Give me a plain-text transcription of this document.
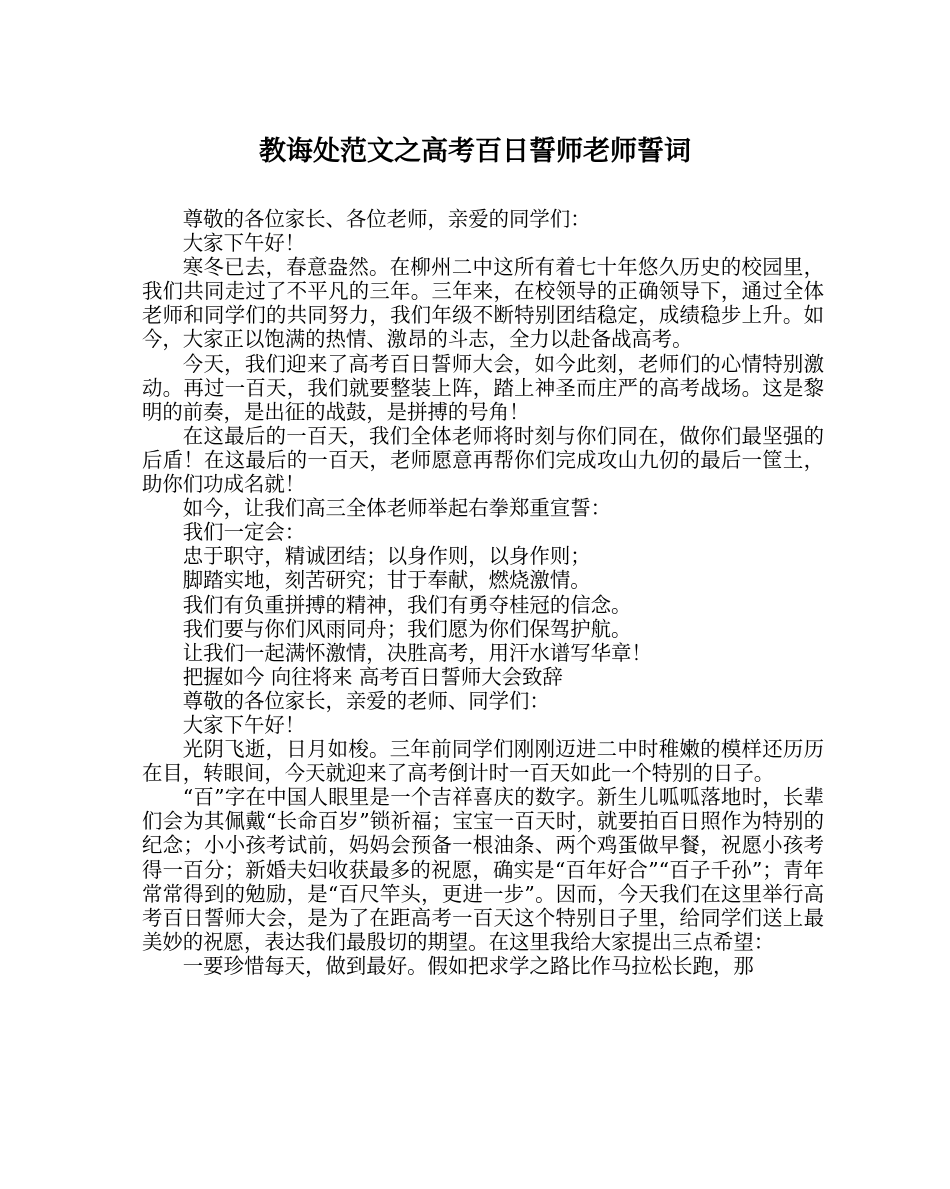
教诲处范文之高考百日誓师老师誓词

尊敬的各位家长、各位老师，亲爱的同学们：

大家下午好！

寒冬已去，春意盎然。在柳州二中这所有着七十年悠久历史的校园里，我们共同走过了不平凡的三年。三年来，在校领导的正确领导下，通过全体老师和同学们的共同努力，我们年级不断特别团结稳定，成绩稳步上升。如今，大家正以饱满的热情、激昂的斗志，全力以赴备战高考。

今天，我们迎来了高考百日誓师大会，如今此刻，老师们的心情特别激动。再过一百天，我们就要整装上阵，踏上神圣而庄严的高考战场。这是黎明的前奏，是出征的战鼓，是拼搏的号角！

在这最后的一百天，我们全体老师将时刻与你们同在，做你们最坚强的后盾！在这最后的一百天，老师愿意再帮你们完成攻山九仞的最后一筐土，助你们功成名就！

如今，让我们高三全体老师举起右拳郑重宣誓：

我们一定会：

忠于职守，精诚团结；以身作则，以身作则；

脚踏实地，刻苦研究；甘于奉献，燃烧激情。

我们有负重拼搏的精神，我们有勇夺桂冠的信念。

我们要与你们风雨同舟；我们愿为你们保驾护航。

让我们一起满怀激情，决胜高考，用汗水谱写华章！

把握如今 向往将来 高考百日誓师大会致辞

尊敬的各位家长，亲爱的老师、同学们：

大家下午好！

光阴飞逝，日月如梭。三年前同学们刚刚迈进二中时稚嫩的模样还历历在目，转眼间，今天就迎来了高考倒计时一百天如此一个特别的日子。

“百”字在中国人眼里是一个吉祥喜庆的数字。新生儿呱呱落地时，长辈们会为其佩戴“长命百岁”锁祈福；宝宝一百天时，就要拍百日照作为特别的纪念；小小孩考试前，妈妈会预备一根油条、两个鸡蛋做早餐，祝愿小孩考得一百分；新婚夫妇收获最多的祝愿，确实是“百年好合”“百子千孙”；青年常常得到的勉励，是“百尺竿头，更进一步”。因而，今天我们在这里举行高考百日誓师大会，是为了在距高考一百天这个特别日子里，给同学们送上最美妙的祝愿，表达我们最殷切的期望。在这里我给大家提出三点希望：

一要珍惜每天，做到最好。假如把求学之路比作马拉松长跑，那
